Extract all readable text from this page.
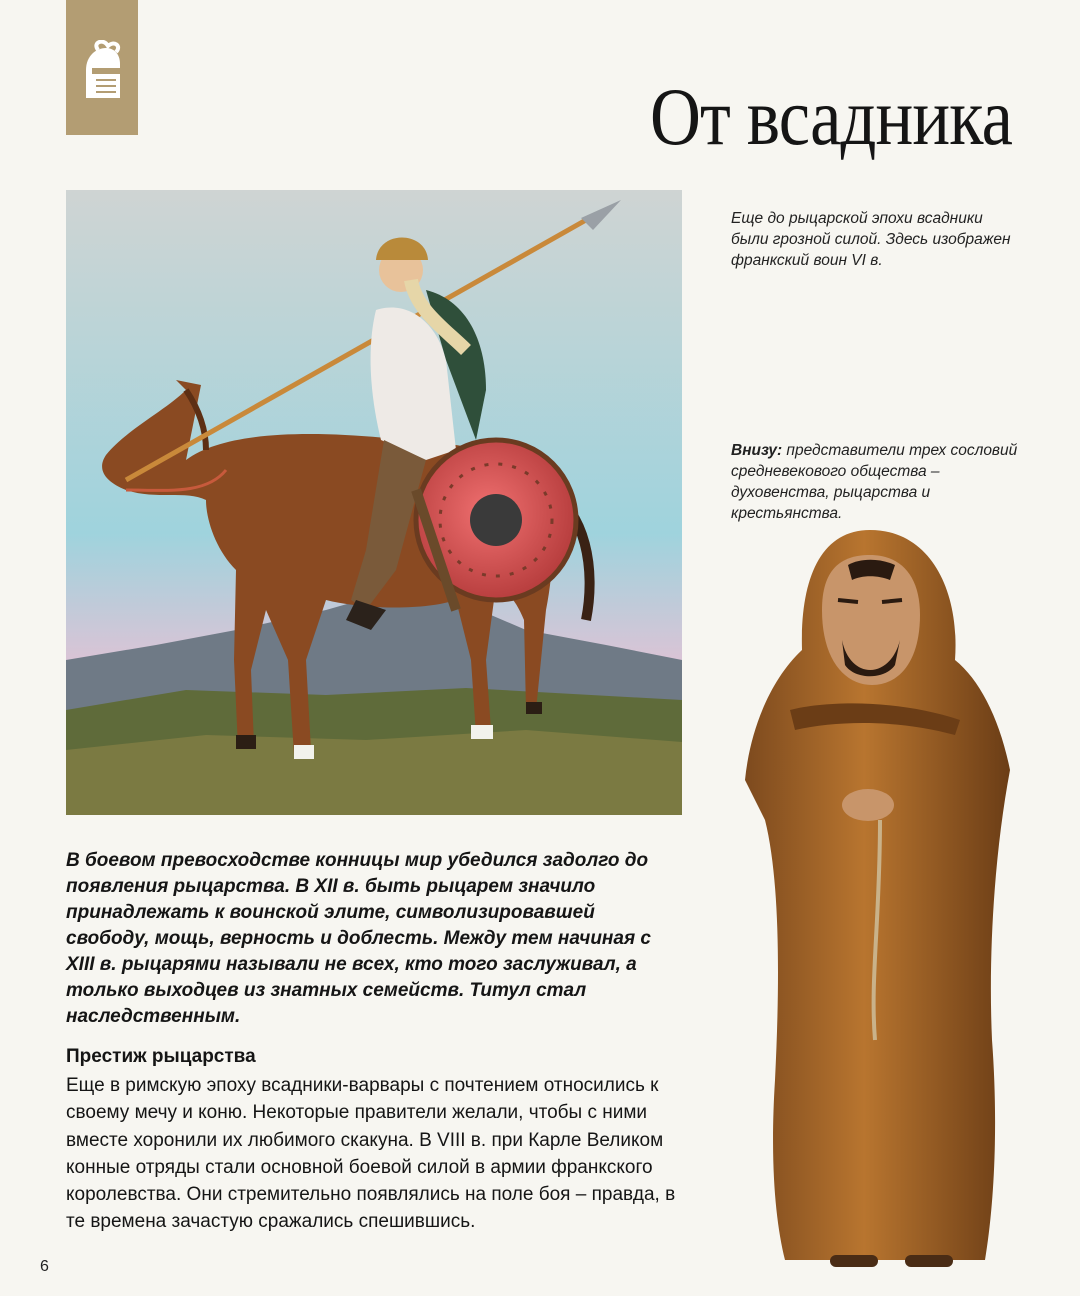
От всадника

Еще до рыцарской эпохи всадники были грозной силой. Здесь изображен франкский воин VI в.

Внизу: представители трех сословий средневекового общества – духовенства, рыцарства и крестьянства.

В боевом превосходстве конницы мир убедился задолго до появления рыцарства. В XII в. быть рыцарем значило принадлежать к воинской элите, символизировавшей свободу, мощь, верность и доблесть. Между тем начиная с XIII в. рыцарями называли не всех, кто того заслуживал, а только выходцев из знатных семейств. Титул стал наследственным.

Престиж рыцарства

Еще в римскую эпоху всадники-варвары с почтением относились к своему мечу и коню. Некоторые правители желали, чтобы с ними вместе хоронили их любимого скакуна. В VIII в. при Карле Великом конные отряды стали основной боевой силой в армии франкского королевства. Они стремительно появлялись на поле боя – правда, в те времена зачастую сражались спешившись.

6
